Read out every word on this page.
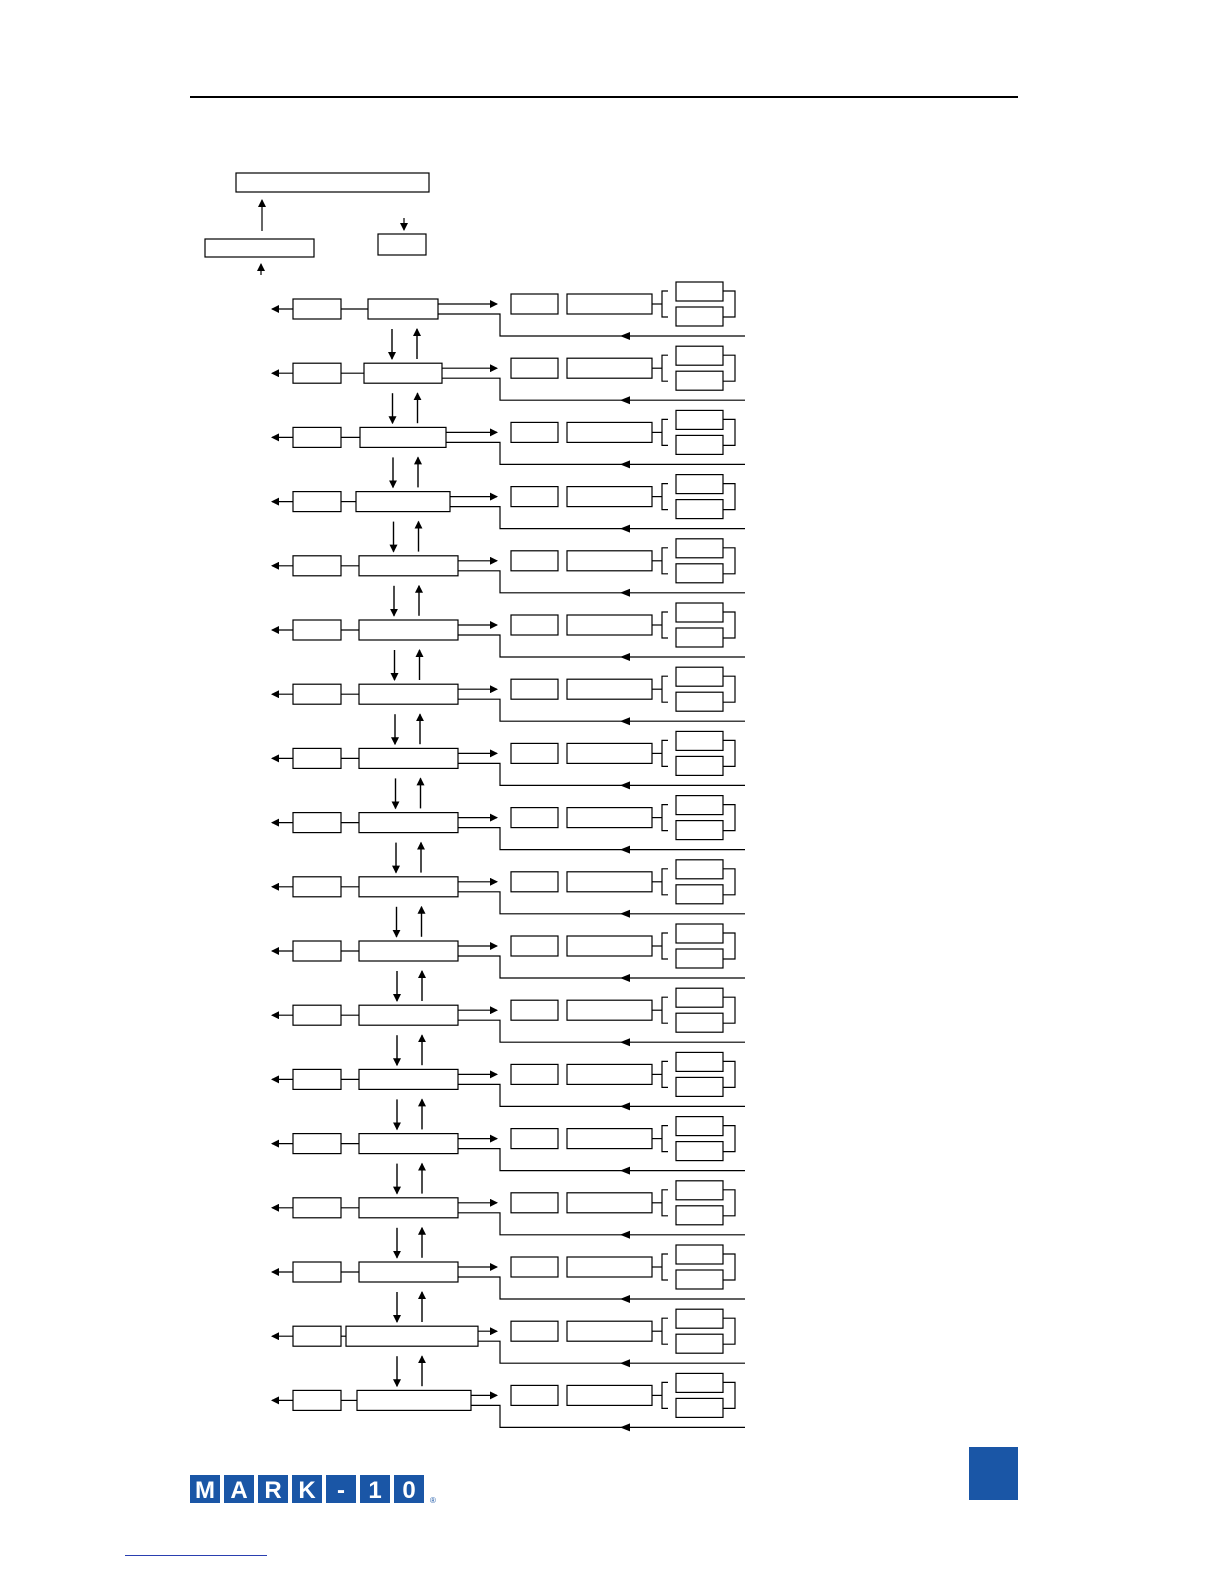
M A R K - 1 0 ®
